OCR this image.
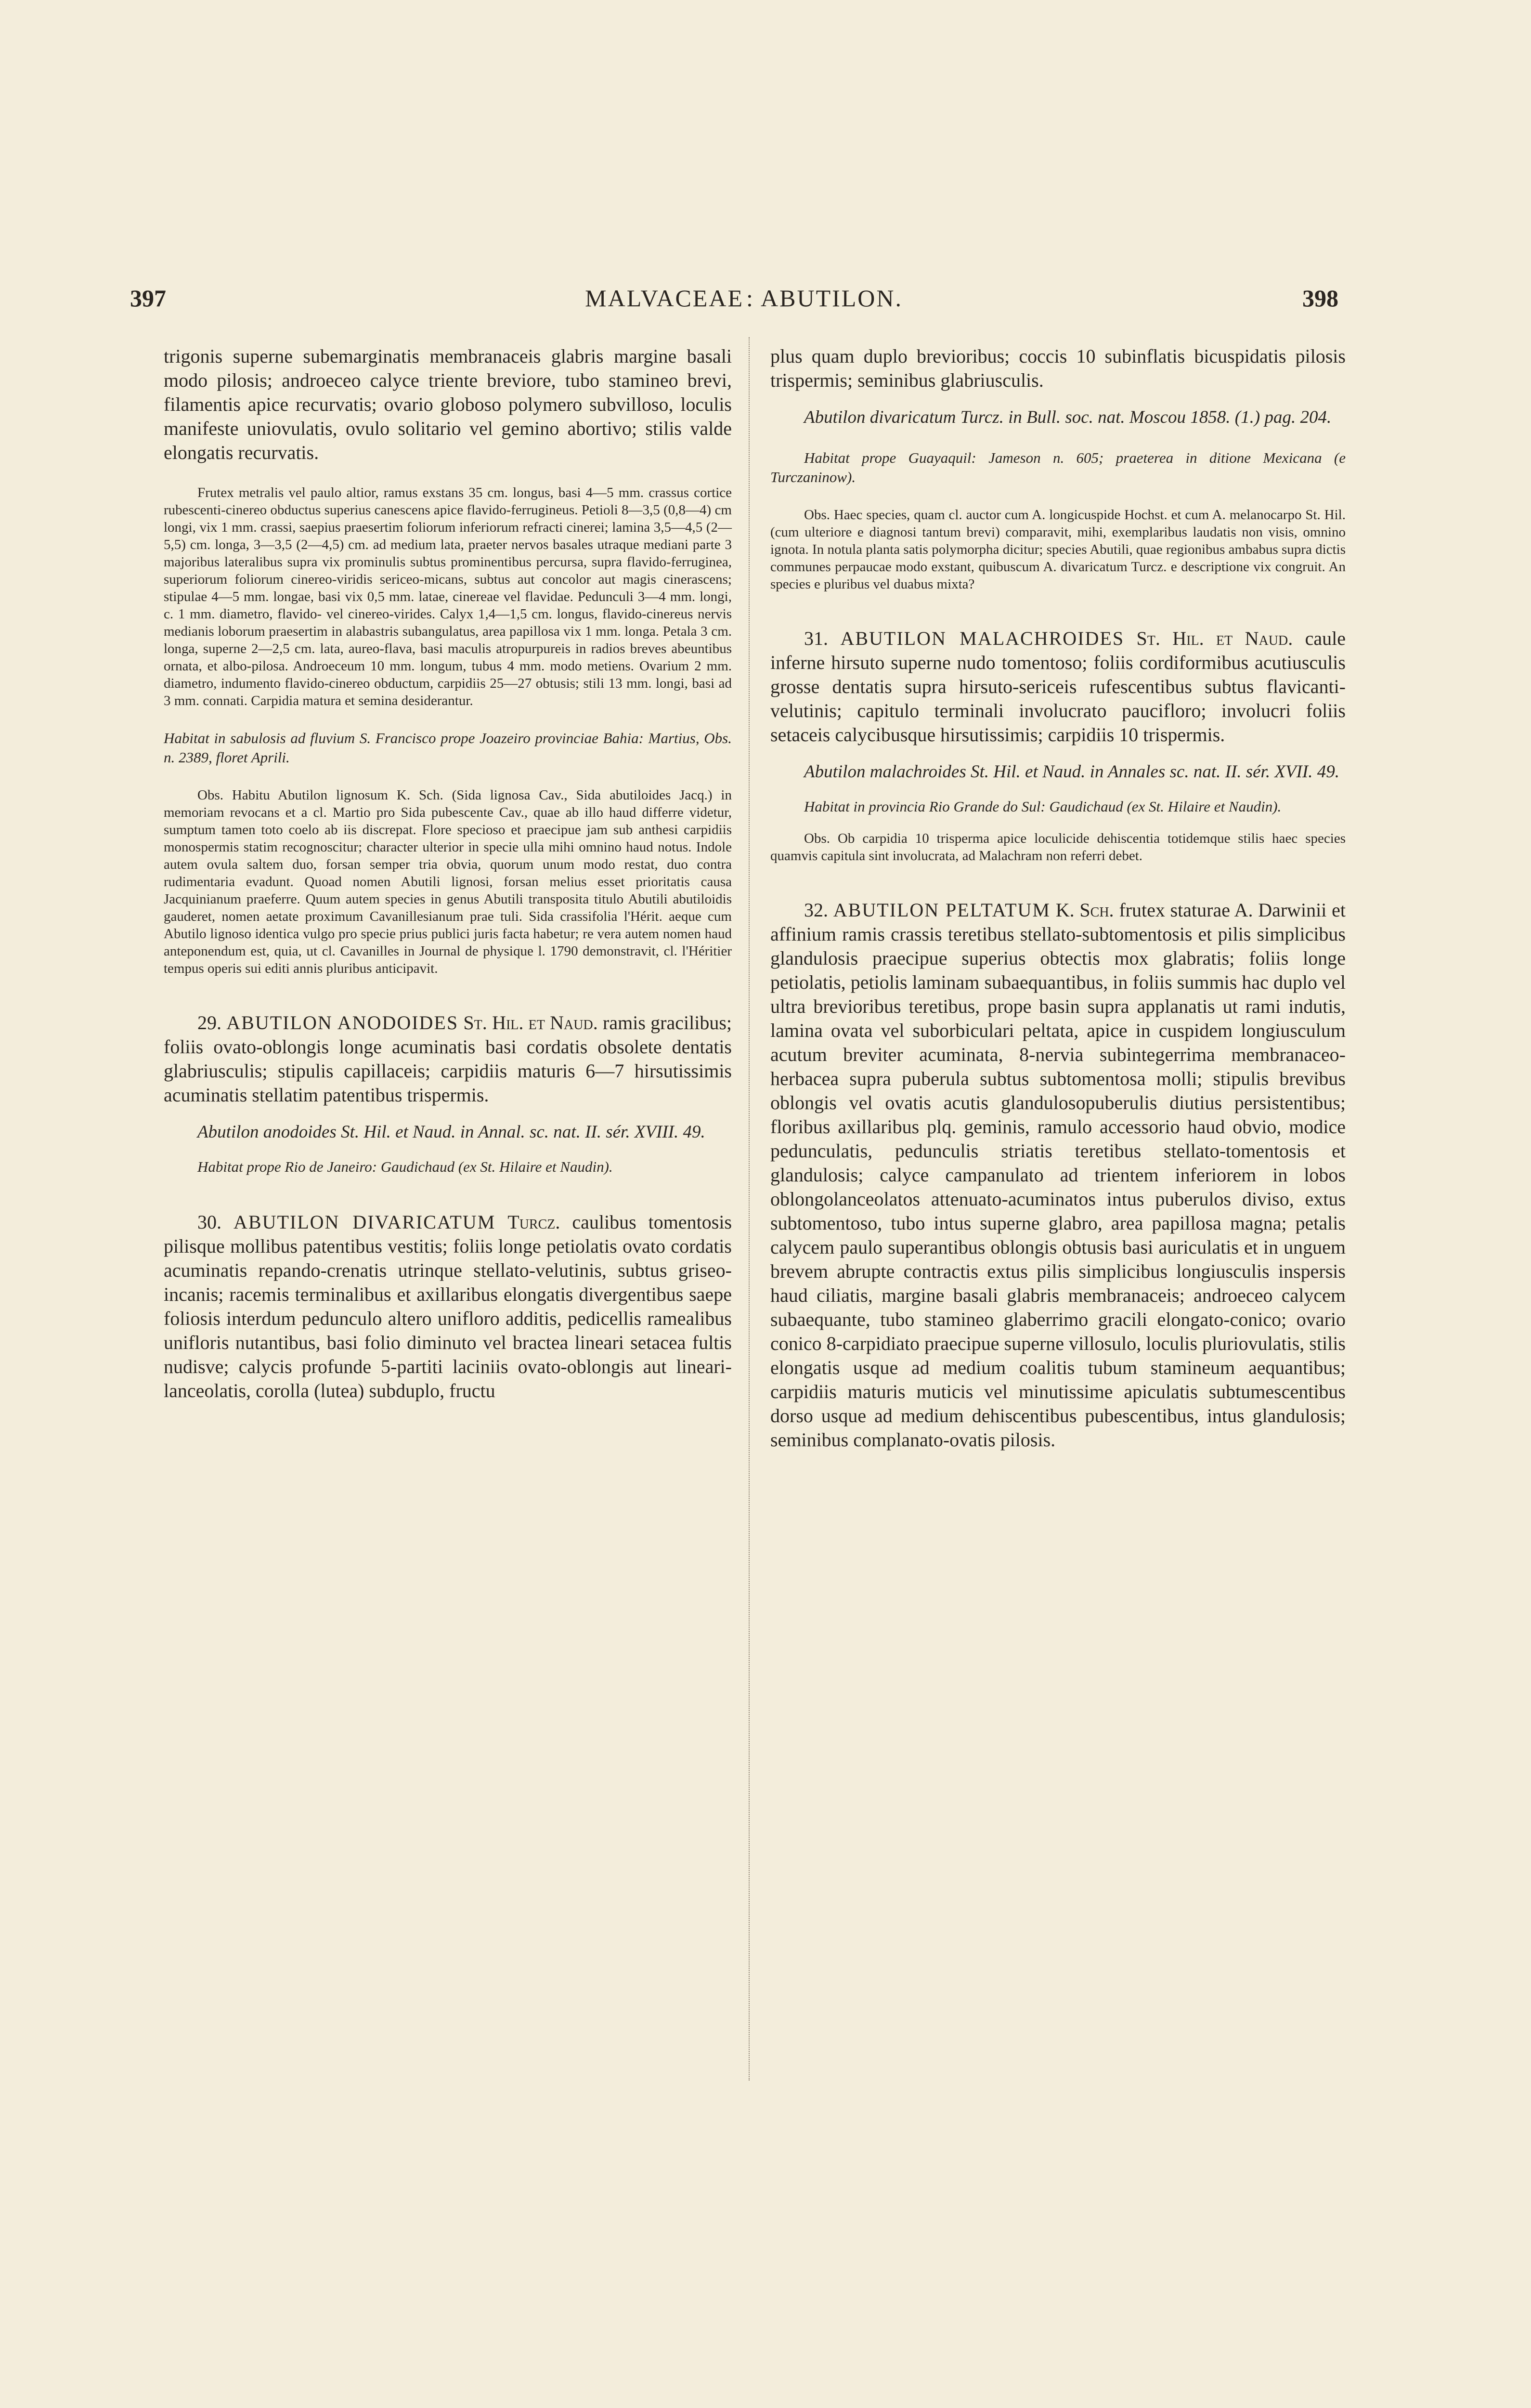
397	MALVACEAE : ABUTILON.	398

trigonis superne subemarginatis membranaceis glabris margine basali modo pilosis; androeceo calyce triente breviore, tubo stamineo brevi, filamentis apice recurvatis; ovario globoso polymero subvilloso, loculis manifeste uniovulatis, ovulo solitario vel gemino abortivo; stilis valde elongatis recurvatis.

Frutex metralis vel paulo altior, ramus exstans 35 cm. longus, basi 4—5 mm. crassus cortice rubescenti-cinereo obductus superius canescens apice flavido-ferrugineus. Petioli 8—3,5 (0,8—4) cm longi, vix 1 mm. crassi, saepius praesertim foliorum inferiorum refracti cinerei; lamina 3,5—4,5 (2—5,5) cm. longa, 3—3,5 (2—4,5) cm. ad medium lata, praeter nervos basales utraque mediani parte 3 majoribus lateralibus supra vix prominulis subtus prominentibus percursa, supra flavido-ferruginea, superiorum foliorum cinereo-viridis sericeo-micans, subtus aut concolor aut magis cinerascens; stipulae 4—5 mm. longae, basi vix 0,5 mm. latae, cinereae vel flavidae. Pedunculi 3—4 mm. longi, c. 1 mm. diametro, flavido- vel cinereo-virides. Calyx 1,4—1,5 cm. longus, flavido-cinereus nervis medianis loborum praesertim in alabastris subangulatus, area papillosa vix 1 mm. longa. Petala 3 cm. longa, superne 2—2,5 cm. lata, aureo-flava, basi maculis atropurpureis in radios breves abeuntibus ornata, et albo-pilosa. Androeceum 10 mm. longum, tubus 4 mm. modo metiens. Ovarium 2 mm. diametro, indumento flavido-cinereo obductum, carpidiis 25—27 obtusis; stili 13 mm. longi, basi ad 3 mm. connati. Carpidia matura et semina desiderantur.

Habitat in sabulosis ad fluvium S. Francisco prope Joazeiro provinciae Bahia: Martius, Obs. n. 2389, floret Aprili.

Obs. Habitu Abutilon lignosum K. Sch. (Sida lignosa Cav., Sida abutiloides Jacq.) in memoriam revocans et a cl. Martio pro Sida pubescente Cav., quae ab illo haud differre videtur, sumptum tamen toto coelo ab iis discrepat. Flore specioso et praecipue jam sub anthesi carpidiis monospermis statim recognoscitur; character ulterior in specie ulla mihi omnino haud notus. Indole autem ovula saltem duo, forsan semper tria obvia, quorum unum modo restat, duo contra rudimentaria evadunt. Quoad nomen Abutili lignosi, forsan melius esset prioritatis causa Jacquinianum praeferre. Quum autem species in genus Abutili transposita titulo Abutili abutiloidis gauderet, nomen aetate proximum Cavanillesianum prae tuli. Sida crassifolia l'Hérit. aeque cum Abutilo lignoso identica vulgo pro specie prius publici juris facta habetur; re vera autem nomen haud anteponendum est, quia, ut cl. Cavanilles in Journal de physique l. 1790 demonstravit, cl. l'Héritier tempus operis sui editi annis pluribus anticipavit.

29. ABUTILON ANODOIDES St. Hil. et Naud. ramis gracilibus; foliis ovato-oblongis longe acuminatis basi cordatis obsolete dentatis glabriusculis; stipulis capillaceis; carpidiis maturis 6—7 hirsutissimis acuminatis stellatim patentibus trispermis.

Abutilon anodoides St. Hil. et Naud. in Annal. sc. nat. II. sér. XVIII. 49.

Habitat prope Rio de Janeiro: Gaudichaud (ex St. Hilaire et Naudin).

30. ABUTILON DIVARICATUM Turcz. caulibus tomentosis pilisque mollibus patentibus vestitis; foliis longe petiolatis ovato cordatis acuminatis repando-crenatis utrinque stellato-velutinis, subtus griseo-incanis; racemis terminalibus et axillaribus elongatis divergentibus saepe foliosis interdum pedunculo altero unifloro additis, pedicellis ramealibus unifloris nutantibus, basi folio diminuto vel bractea lineari setacea fultis nudisve; calycis profunde 5-partiti laciniis ovato-oblongis aut lineari-lanceolatis, corolla (lutea) subduplo, fructu

plus quam duplo brevioribus; coccis 10 subinflatis bicuspidatis pilosis trispermis; seminibus glabriusculis.

Abutilon divaricatum Turcz. in Bull. soc. nat. Moscou 1858. (1.) pag. 204.

Habitat prope Guayaquil: Jameson n. 605; praeterea in ditione Mexicana (e Turczaninow).

Obs. Haec species, quam cl. auctor cum A. longicuspide Hochst. et cum A. melanocarpo St. Hil. (cum ulteriore e diagnosi tantum brevi) comparavit, mihi, exemplaribus laudatis non visis, omnino ignota. In notula planta satis polymorpha dicitur; species Abutili, quae regionibus ambabus supra dictis communes perpaucae modo exstant, quibuscum A. divaricatum Turcz. e descriptione vix congruit. An species e pluribus vel duabus mixta?

31. ABUTILON MALACHROIDES St. Hil. et Naud. caule inferne hirsuto superne nudo tomentoso; foliis cordiformibus acutiusculis grosse dentatis supra hirsuto-sericeis rufescentibus subtus flavicanti-velutinis; capitulo terminali involucrato paucifloro; involucri foliis setaceis calycibusque hirsutissimis; carpidiis 10 trispermis.

Abutilon malachroides St. Hil. et Naud. in Annales sc. nat. II. sér. XVII. 49.

Habitat in provincia Rio Grande do Sul: Gaudichaud (ex St. Hilaire et Naudin).

Obs. Ob carpidia 10 trisperma apice loculicide dehiscentia totidemque stilis haec species quamvis capitula sint involucrata, ad Malachram non referri debet.

32. ABUTILON PELTATUM K. Sch. frutex staturae A. Darwinii et affinium ramis crassis teretibus stellato-subtomentosis et pilis simplicibus glandulosis praecipue superius obtectis mox glabratis; foliis longe petiolatis, petiolis laminam subaequantibus, in foliis summis hac duplo vel ultra brevioribus teretibus, prope basin supra applanatis ut rami indutis, lamina ovata vel suborbiculari peltata, apice in cuspidem longiusculum acutum breviter acuminata, 8-nervia subintegerrima membranaceo-herbacea supra puberula subtus subtomentosa molli; stipulis brevibus oblongis vel ovatis acutis glandulosopuberulis diutius persistentibus; floribus axillaribus plq. geminis, ramulo accessorio haud obvio, modice pedunculatis, pedunculis striatis teretibus stellato-tomentosis et glandulosis; calyce campanulato ad trientem inferiorem in lobos oblongolanceolatos attenuato-acuminatos intus puberulos diviso, extus subtomentoso, tubo intus superne glabro, area papillosa magna; petalis calycem paulo superantibus oblongis obtusis basi auriculatis et in unguem brevem abrupte contractis extus pilis simplicibus longiusculis inspersis haud ciliatis, margine basali glabris membranaceis; androeceo calycem subaequante, tubo stamineo glaberrimo gracili elongato-conico; ovario conico 8-carpidiato praecipue superne villosulo, loculis pluriovulatis, stilis elongatis usque ad medium coalitis tubum stamineum aequantibus; carpidiis maturis muticis vel minutissime apiculatis subtumescentibus dorso usque ad medium dehiscentibus pubescentibus, intus glandulosis; seminibus complanato-ovatis pilosis.
